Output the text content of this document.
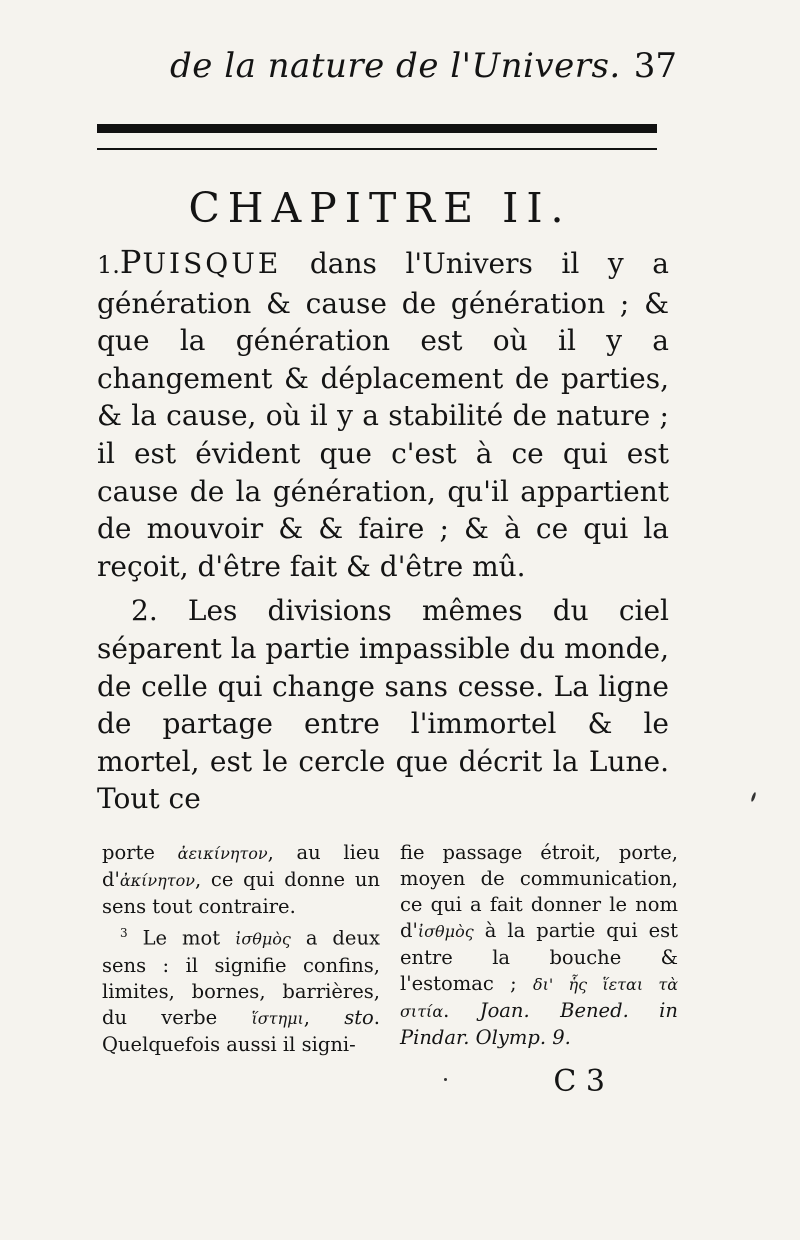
de la nature de l'Univers. 37
CHAPITRE II.

1.PUISQUE dans l'Univers il y a génération & cause de génération ; & que la génération est où il y a changement & déplacement de parties, & la cause, où il y a stabilité de nature ; il est évident que c'est à ce qui est cause de la génération, qu'il appartient de mouvoir & & faire ; & à ce qui la reçoit, d'être fait & d'être mû.

2. Les divisions mêmes du ciel séparent la partie impassible du monde, de celle qui change sans cesse. La ligne de partage entre l'immortel & le mortel, est le cercle que décrit la Lune. Tout ce

porte ἀεικίνητον, au lieu d'ἀκίνητον, ce qui donne un sens tout contraire.

$^3$ Le mot ἰσθμὸς a deux sens : il signifie confins, limites, bornes, barrières, du verbe ἵστημι, sto. Quelquefois aussi il signi-

fie passage étroit, porte, moyen de communication, ce qui a fait donner le nom d'ἰσθμὸς à la partie qui est entre la bouche & l'estomac ; δι' ἧς ἵεται τὰ σιτία. Joan. Bened. in Pindar. Olymp. 9.

C 3
